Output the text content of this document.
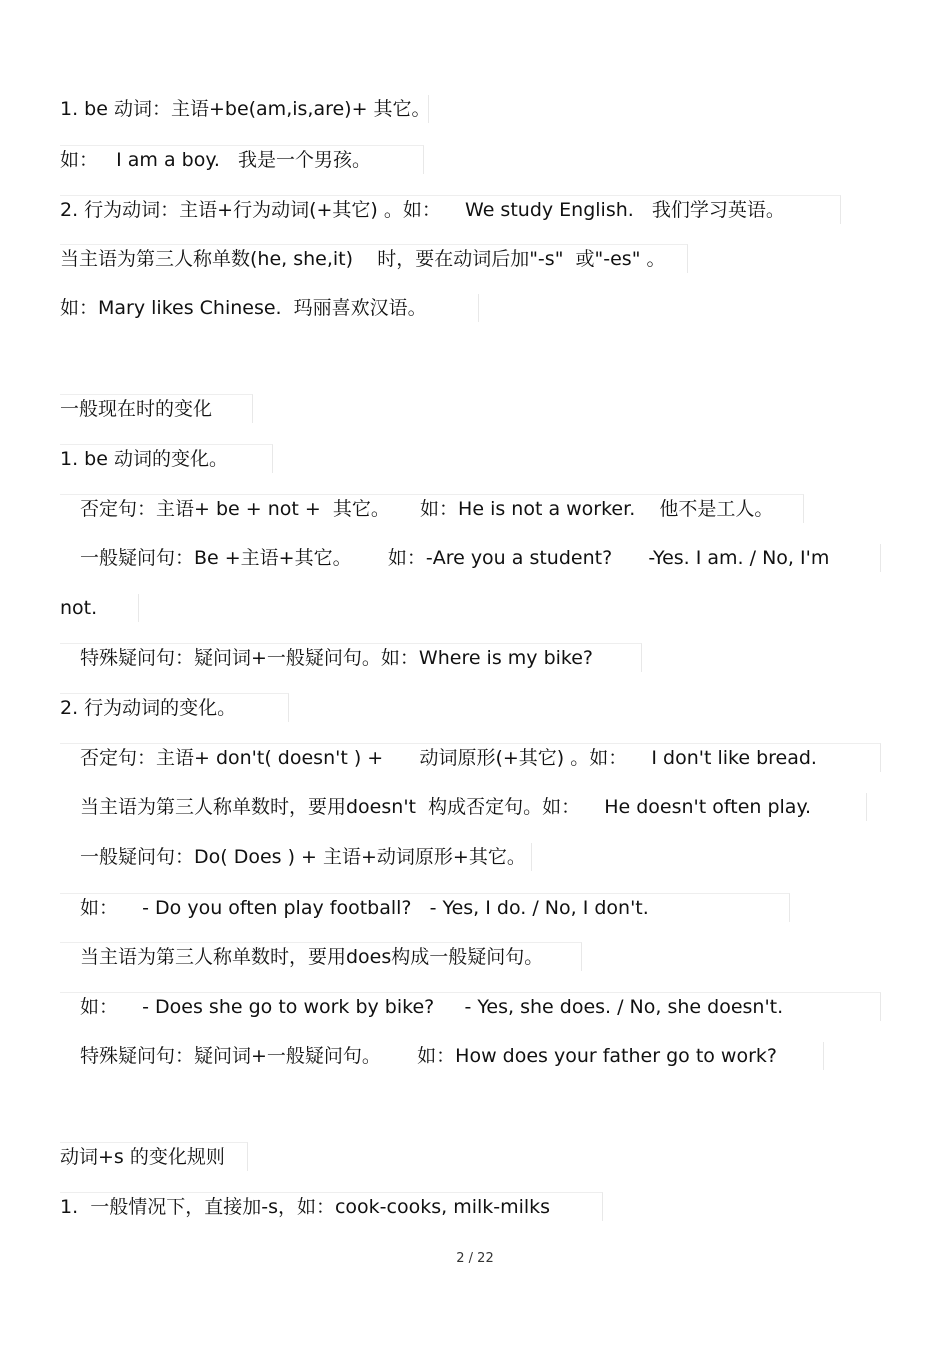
1. be 动词：主语+be(am,is,are)+ 其它。
如：   I am a boy.   我是一个男孩。
2. 行为动词：主语+行为动词(+其它) 。如：    We study English.   我们学习英语。
当主语为第三人称单数(he, she,it)    时，要在动词后加"-s"  或"-es" 。
如：Mary likes Chinese.  玛丽喜欢汉语。
一般现在时的变化
1. be 动词的变化。
否定句：主语+ be + not +  其它。     如：He is not a worker.    他不是工人。
一般疑问句：Be +主语+其它。      如：-Are you a student?      -Yes. I am. / No, I'm
not.
特殊疑问句：疑问词+一般疑问句。如：Where is my bike?
2. 行为动词的变化。
否定句：主语+ don't( doesn't ) +      动词原形(+其它) 。如：    I don't like bread.
当主语为第三人称单数时，要用doesn't  构成否定句。如：    He doesn't often play.
一般疑问句：Do( Does ) + 主语+动词原形+其它。
如：    - Do you often play football?   - Yes, I do. / No, I don't.
当主语为第三人称单数时，要用does构成一般疑问句。
如：    - Does she go to work by bike?     - Yes, she does. / No, she doesn't.
特殊疑问句：疑问词+一般疑问句。      如：How does your father go to work?
动词+s 的变化规则
1.  一般情况下，直接加-s，如：cook-cooks, milk-milks
2 / 22
